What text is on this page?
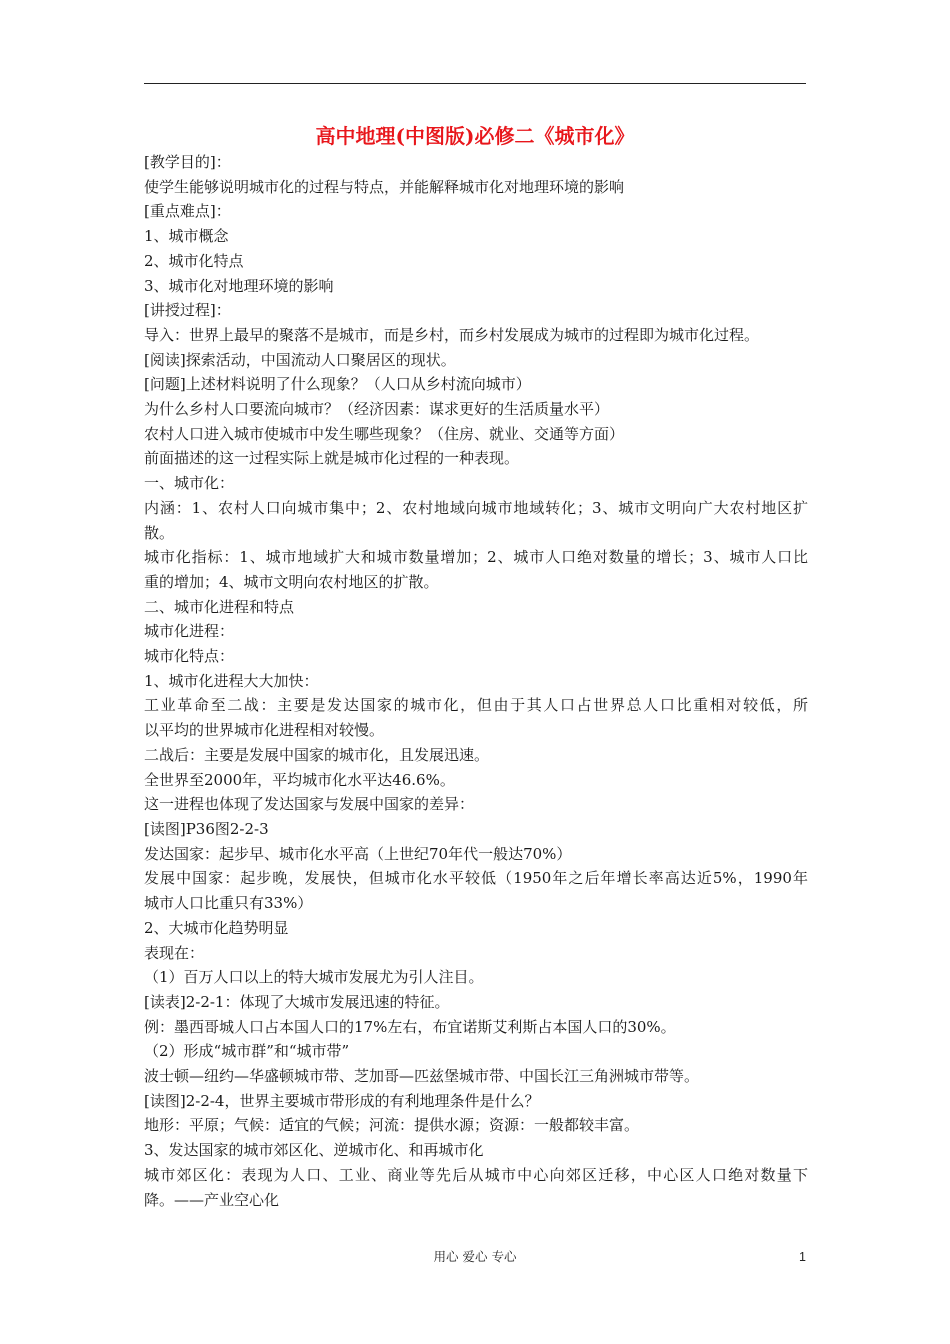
高中地理(中图版)必修二《城市化》
[教学目的]：
使学生能够说明城市化的过程与特点，并能解释城市化对地理环境的影响
[重点难点]：
1、城市概念
2、城市化特点
3、城市化对地理环境的影响
[讲授过程]：
导入：世界上最早的聚落不是城市，而是乡村，而乡村发展成为城市的过程即为城市化过程。
[阅读]探索活动，中国流动人口聚居区的现状。
[问题]上述材料说明了什么现象？（人口从乡村流向城市）
为什么乡村人口要流向城市？（经济因素：谋求更好的生活质量水平）
农村人口进入城市使城市中发生哪些现象？（住房、就业、交通等方面）
前面描述的这一过程实际上就是城市化过程的一种表现。
一、城市化：
内涵：1、农村人口向城市集中；2、农村地域向城市地域转化；3、城市文明向广大农村地区扩
散。
城市化指标：1、城市地域扩大和城市数量增加；2、城市人口绝对数量的增长；3、城市人口比
重的增加；4、城市文明向农村地区的扩散。
二、城市化进程和特点
城市化进程：
城市化特点：
1、城市化进程大大加快：
工业革命至二战：主要是发达国家的城市化，但由于其人口占世界总人口比重相对较低，所
以平均的世界城市化进程相对较慢。
二战后：主要是发展中国家的城市化，且发展迅速。
全世界至2000年，平均城市化水平达46.6%。
这一进程也体现了发达国家与发展中国家的差异：
[读图]P36图2-2-3
发达国家：起步早、城市化水平高（上世纪70年代一般达70%）
发展中国家：起步晚，发展快，但城市化水平较低（1950年之后年增长率高达近5%，1990年
城市人口比重只有33%）
2、大城市化趋势明显
表现在：
（1）百万人口以上的特大城市发展尤为引人注目。
[读表]2-2-1：体现了大城市发展迅速的特征。
例：墨西哥城人口占本国人口的17%左右，布宜诺斯艾利斯占本国人口的30%。
（2）形成“城市群”和“城市带”
波士顿—纽约—华盛顿城市带、芝加哥—匹兹堡城市带、中国长江三角洲城市带等。
[读图]2-2-4，世界主要城市带形成的有利地理条件是什么？
地形：平原；气候：适宜的气候；河流：提供水源；资源：一般都较丰富。
3、发达国家的城市郊区化、逆城市化、和再城市化
城市郊区化：表现为人口、工业、商业等先后从城市中心向郊区迁移，中心区人口绝对数量下
降。——产业空心化
用心 爱心 专心	1
